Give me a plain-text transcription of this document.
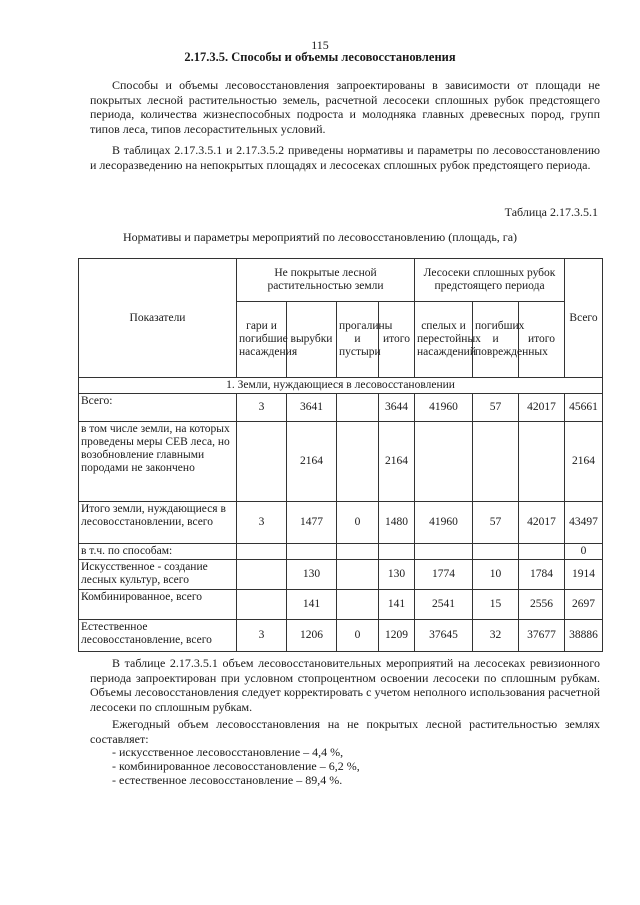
115
2.17.3.5. Способы и объемы лесовосстановления

Способы и объемы лесовосстановления запроектированы в зависимости от площади не покрытых лесной растительностью земель, расчетной лесосеки сплошных рубок предстоящего периода, количества жизнеспособных подроста и молодняка главных древесных пород, групп типов леса, типов лесорастительных условий.

В таблицах 2.17.3.5.1 и 2.17.3.5.2 приведены нормативы и параметры по лесовосстановлению и лесоразведению на непокрытых площадях и лесосеках сплошных рубок предстоящего периода.

Таблица 2.17.3.5.1
Нормативы и параметры мероприятий по лесовосстановлению (площадь, га)
Показатели	Не покрытые лесной растительностью земли				Лесосеки сплошных рубок предстоящего периода			Всего
	гари и погибшие насаждения	вырубки	прогалины и пустыри	итого	спелых и перестойных насаждений	погибших и поврежденных	итого	
1. Земли, нуждающиеся в лесовосстановлении								
Всего:	3	3641		3644	41960	57	42017	45661
в том числе земли, на которых проведены меры СЕВ леса, но возобновление главными породами не закончено		2164		2164				2164
Итого земли, нуждающиеся в лесовосстановлении, всего	3	1477	0	1480	41960	57	42017	43497
в т.ч. по способам:								0
Искусственное - создание лесных культур, всего		130		130	1774	10	1784	1914
Комбинированное, всего		141		141	2541	15	2556	2697
Естественное лесовосстановление, всего	3	1206	0	1209	37645	32	37677	38886

В таблице 2.17.3.5.1 объем лесовосстановительных мероприятий на лесосеках ревизионного периода запроектирован при условном стопроцентном освоении лесосеки по сплошным рубкам. Объемы лесовосстановления следует корректировать с учетом неполного использования расчетной лесосеки по сплошным рубкам.

Ежегодный объем лесовосстановления на не покрытых лесной растительностью землях составляет:

- искусственное лесовосстановление – 4,4 %,
- комбинированное лесовосстановление – 6,2 %,
- естественное лесовосстановление – 89,4 %.
